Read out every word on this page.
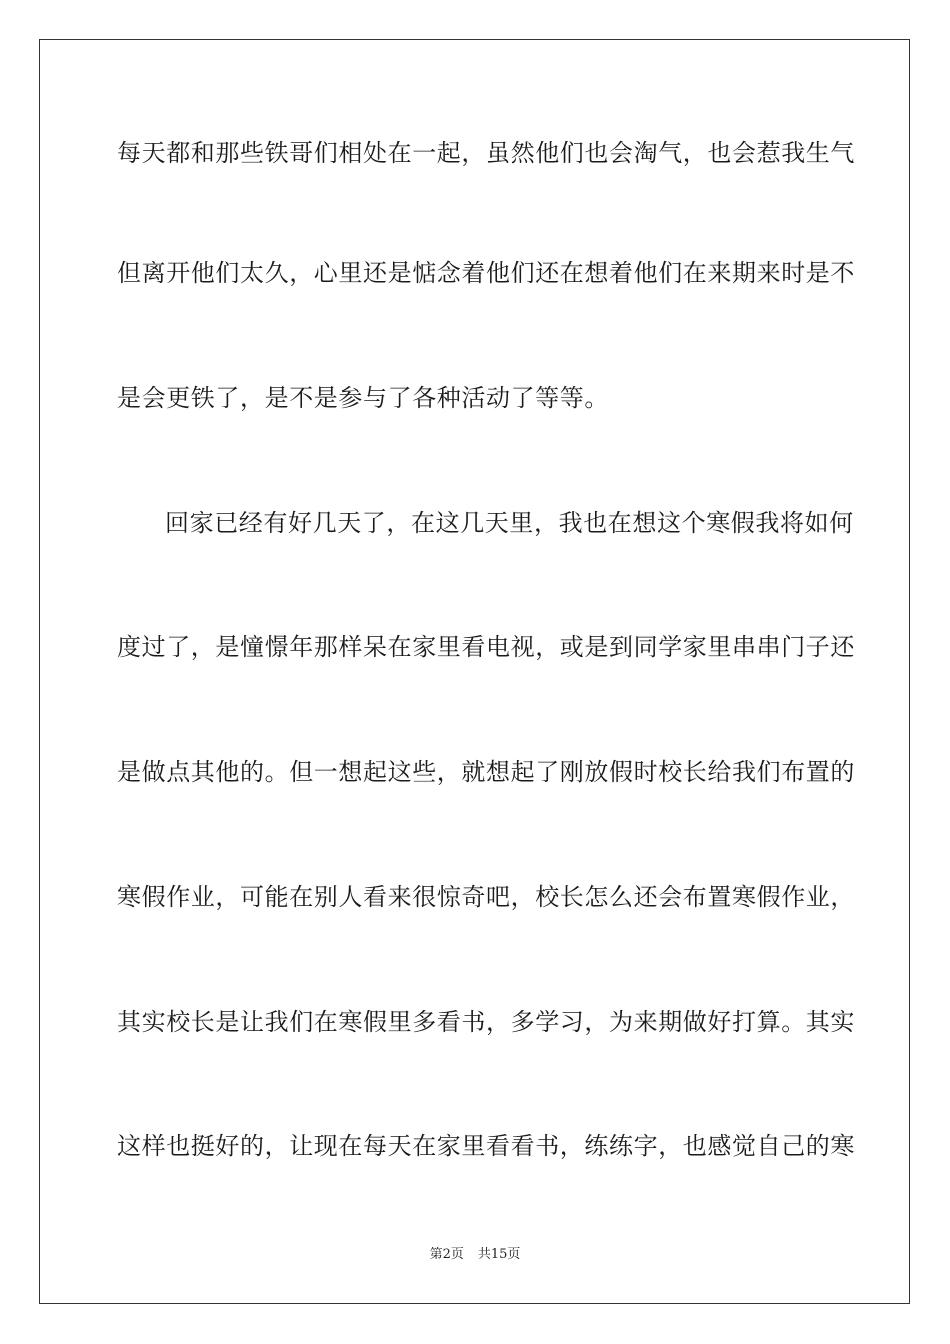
每天都和那些铁哥们相处在一起，虽然他们也会淘气，也会惹我生气
但离开他们太久，心里还是惦念着他们还在想着他们在来期来时是不
是会更铁了，是不是参与了各种活动了等等。
回家已经有好几天了，在这几天里，我也在想这个寒假我将如何
度过了，是憧憬年那样呆在家里看电视，或是到同学家里串串门子还
是做点其他的。但一想起这些，就想起了刚放假时校长给我们布置的
寒假作业，可能在别人看来很惊奇吧，校长怎么还会布置寒假作业，
其实校长是让我们在寒假里多看书，多学习，为来期做好打算。其实
这样也挺好的，让现在每天在家里看看书，练练字，也感觉自己的寒
第2页 共15页
